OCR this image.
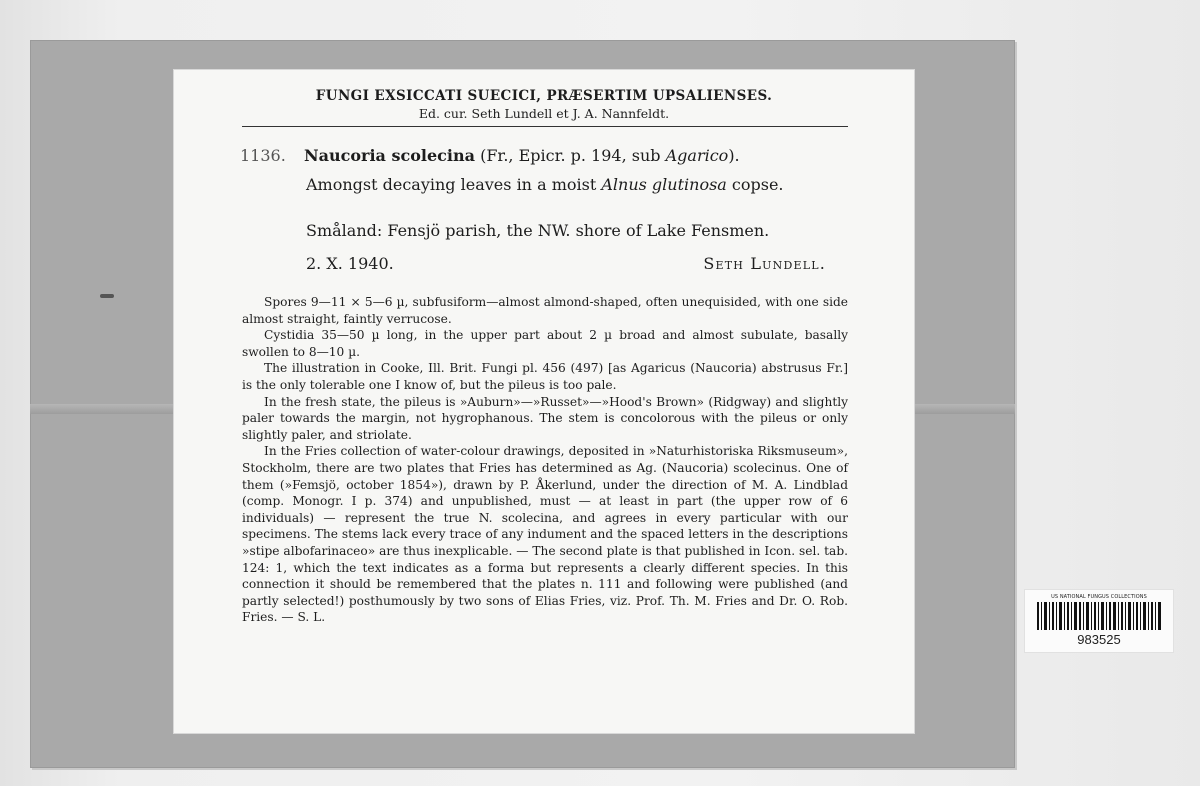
FUNGI EXSICCATI SUECICI, PRÆSERTIM UPSALIENSES.
Ed. cur. Seth Lundell et J. A. Nannfeldt.
1136. Naucoria scolecina (Fr., Epicr. p. 194, sub Agarico).
Amongst decaying leaves in a moist Alnus glutinosa copse.
Småland: Fensjö parish, the NW. shore of Lake Fensmen.
2. X. 1940.	Seth Lundell.

Spores 9—11 × 5—6 µ, subfusiform—almost almond-shaped, often unequisided, with one side almost straight, faintly verrucose.

Cystidia 35—50 µ long, in the upper part about 2 µ broad and almost subulate, basally swollen to 8—10 µ.

The illustration in Cooke, Ill. Brit. Fungi pl. 456 (497) [as Agaricus (Naucoria) abstrusus Fr.] is the only tolerable one I know of, but the pileus is too pale.

In the fresh state, the pileus is »Auburn»—»Russet»—»Hood's Brown» (Ridgway) and slightly paler towards the margin, not hygrophanous. The stem is concolorous with the pileus or only slightly paler, and striolate.

In the Fries collection of water-colour drawings, deposited in »Naturhistoriska Riksmuseum», Stockholm, there are two plates that Fries has determined as Ag. (Naucoria) scolecinus. One of them (»Femsjö, october 1854»), drawn by P. Åkerlund, under the direction of M. A. Lindblad (comp. Monogr. I p. 374) and unpublished, must — at least in part (the upper row of 6 individuals) — represent the true N. scolecina, and agrees in every particular with our specimens. The stems lack every trace of any indument and the spaced letters in the descriptions »stipe albofarinaceo» are thus inexplicable. — The second plate is that published in Icon. sel. tab. 124: 1, which the text indicates as a forma but represents a clearly different species. In this connection it should be remembered that the plates n. 111 and following were published (and partly selected!) posthumously by two sons of Elias Fries, viz. Prof. Th. M. Fries and Dr. O. Rob. Fries. — S. L.

US NATIONAL FUNGUS COLLECTIONS
983525
